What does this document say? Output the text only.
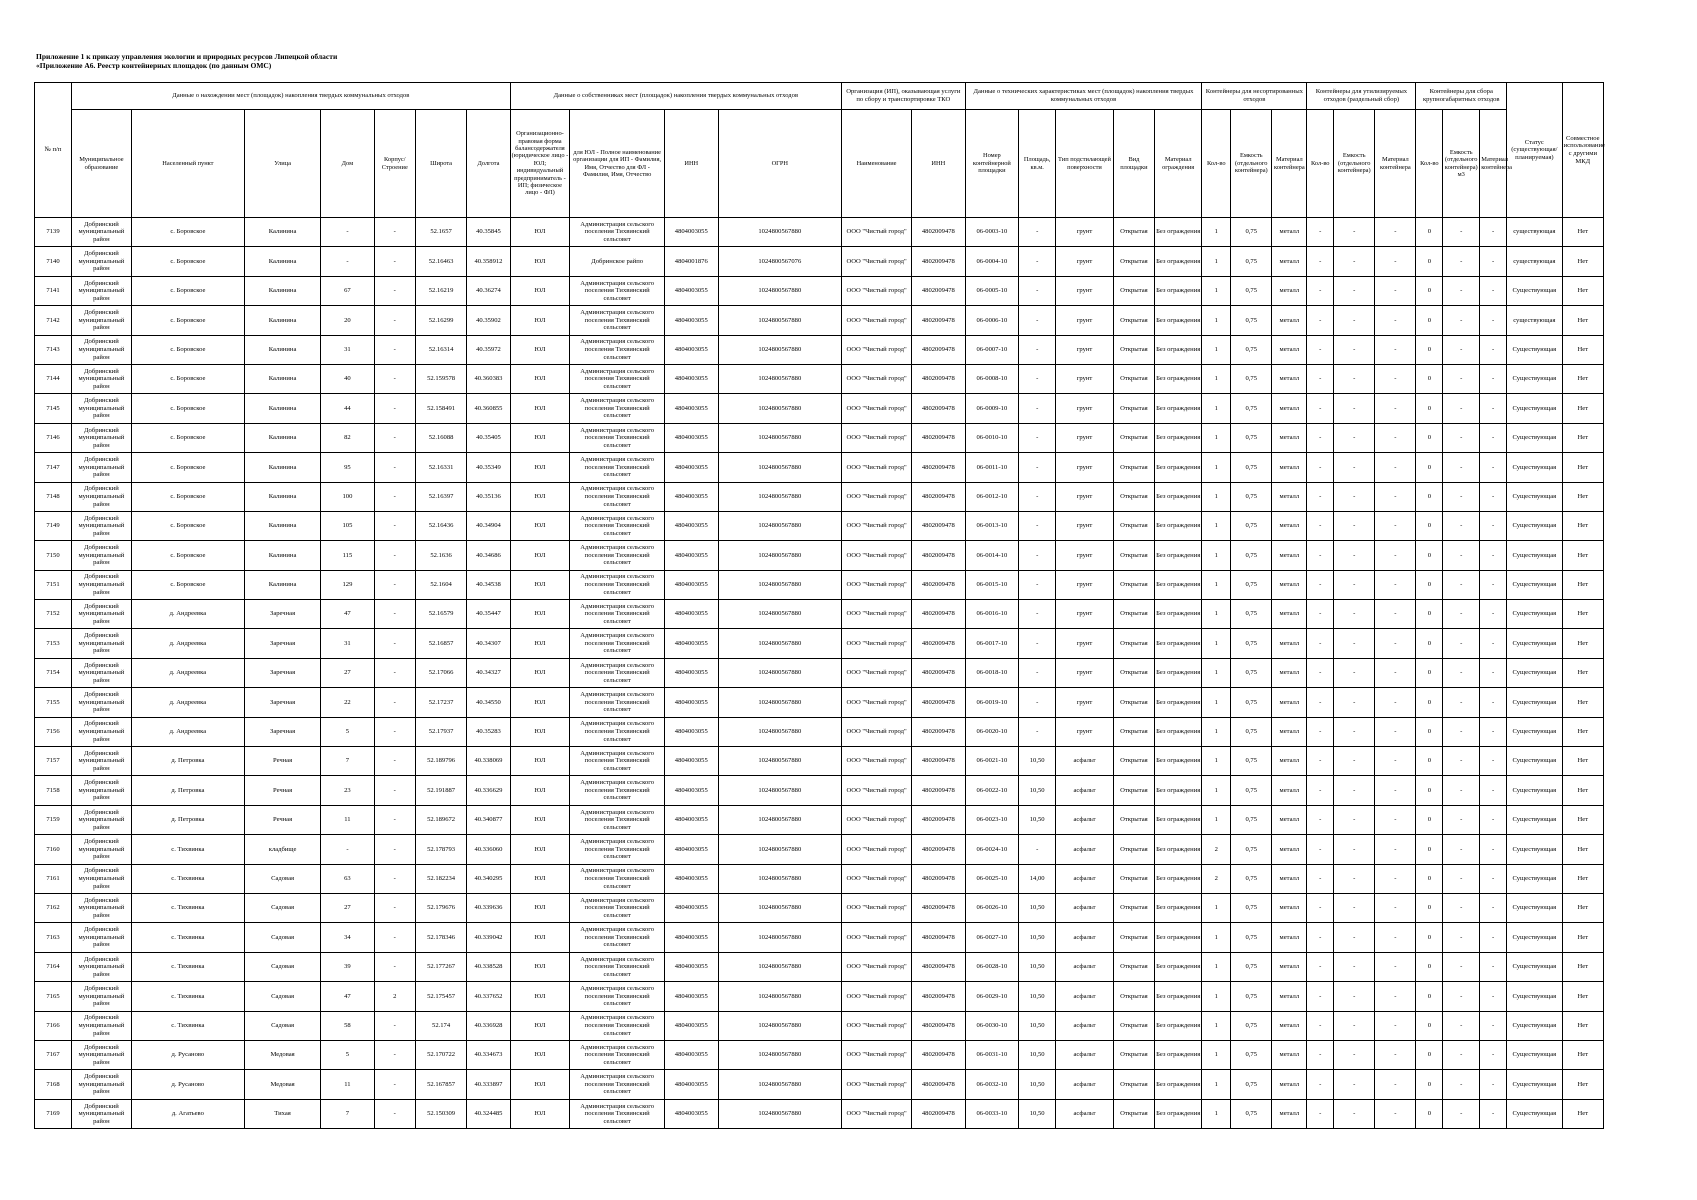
Приложение 1 к приказу управления экологии и природных ресурсов Липецкой области
«Приложение А6. Реестр контейнерных площадок (по данным ОМС)
№ п/п	Данные о нахождении мест (площадок) накопления твердых коммунальных отходов							Данные о собственниках мест (площадок) накопления твердых коммунальных отходов				Организация (ИП), оказывающая услуги по сбору и транспортировке ТКО		Данные о технических характеристиках мест (площадок) накопления твердых коммунальных отходов					Контейнеры для несортированных отходов			Контейнеры для утилизируемых отходов (раздельный сбор)			Контейнеры для сбора крупногабаритных отходов			Статус (существующая/планируемая)	Совместное использование с другими МКД
	Муниципальное образование	Населенный пункт	Улица	Дом	Корпус/Строение	Широта	Долгота	Организационно-правовая форма балансодержателя (юридическое лицо - ЮЛ; индивидуальный предприниматель - ИП; физическое лицо - ФЛ)	для ЮЛ - Полное наименование организации для ИП - Фамилия, Имя, Отчество для ФЛ - Фамилия, Имя, Отчество	ИНН	ОГРН	Наименование	ИНН	Номер контейнерной площадки	Площадь, кв.м.	Тип подстилающей поверхности	Вид площадки	Материал ограждения	Кол-во	Емкость (отдельного контейнера)	Материал контейнера	Кол-во	Емкость (отдельного контейнера)	Материал контейнера	Кол-во	Емкость (отдельного контейнера) м3	Материал контейнера		
7139	Добринский муниципальный район	с. Боровское	Калинина	-	-	52.1657	40.35845	ЮЛ	Администрация сельского поселения Тихвинский сельсовет	4804003055	1024800567880	ООО "Чистый город"	4802009478	06-0003-10	-	грунт	Открытая	Без ограждения	1	0,75	металл	-	-	-	0	-	-	существующая	Нет
7140	Добринский муниципальный район	с. Боровское	Калинина	-	-	52.16463	40.358912	ЮЛ	Добринское райпо	4804001876	1024800567076	ООО "Чистый город"	4802009478	06-0004-10	-	грунт	Открытая	Без ограждения	1	0,75	металл	-	-	-	0	-	-	существующая	Нет
7141	Добринский муниципальный район	с. Боровское	Калинина	67	-	52.16219	40.36274	ЮЛ	Администрация сельского поселения Тихвинский сельсовет	4804003055	1024800567880	ООО "Чистый город"	4802009478	06-0005-10	-	грунт	Открытая	Без ограждения	1	0,75	металл	-	-	-	0	-	-	Существующая	Нет
7142	Добринский муниципальный район	с. Боровское	Калинина	20	-	52.16299	40.35902	ЮЛ	Администрация сельского поселения Тихвинский сельсовет	4804003055	1024800567880	ООО "Чистый город"	4802009478	06-0006-10	-	грунт	Открытая	Без ограждения	1	0,75	металл	-	-	-	0	-	-	существующая	Нет
7143	Добринский муниципальный район	с. Боровское	Калинина	31	-	52.16314	40.35972	ЮЛ	Администрация сельского поселения Тихвинский сельсовет	4804003055	1024800567880	ООО "Чистый город"	4802009478	06-0007-10	-	грунт	Открытая	Без ограждения	1	0,75	металл	-	-	-	0	-	-	Существующая	Нет
7144	Добринский муниципальный район	с. Боровское	Калинина	40	-	52.159578	40.360383	ЮЛ	Администрация сельского поселения Тихвинский сельсовет	4804003055	1024800567880	ООО "Чистый город"	4802009478	06-0008-10	-	грунт	Открытая	Без ограждения	1	0,75	металл	-	-	-	0	-	-	Существующая	Нет
7145	Добринский муниципальный район	с. Боровское	Калинина	44	-	52.158491	40.360855	ЮЛ	Администрация сельского поселения Тихвинский сельсовет	4804003055	1024800567880	ООО "Чистый город"	4802009478	06-0009-10	-	грунт	Открытая	Без ограждения	1	0,75	металл	-	-	-	0	-	-	Существующая	Нет
7146	Добринский муниципальный район	с. Боровское	Калинина	82	-	52.16088	40.35405	ЮЛ	Администрация сельского поселения Тихвинский сельсовет	4804003055	1024800567880	ООО "Чистый город"	4802009478	06-0010-10	-	грунт	Открытая	Без ограждения	1	0,75	металл	-	-	-	0	-	-	Существующая	Нет
7147	Добринский муниципальный район	с. Боровское	Калинина	95	-	52.16331	40.35349	ЮЛ	Администрация сельского поселения Тихвинский сельсовет	4804003055	1024800567880	ООО "Чистый город"	4802009478	06-0011-10	-	грунт	Открытая	Без ограждения	1	0,75	металл	-	-	-	0	-	-	Существующая	Нет
7148	Добринский муниципальный район	с. Боровское	Калинина	100	-	52.16397	40.35136	ЮЛ	Администрация сельского поселения Тихвинский сельсовет	4804003055	1024800567880	ООО "Чистый город"	4802009478	06-0012-10	-	грунт	Открытая	Без ограждения	1	0,75	металл	-	-	-	0	-	-	Существующая	Нет
7149	Добринский муниципальный район	с. Боровское	Калинина	105	-	52.16436	40.34904	ЮЛ	Администрация сельского поселения Тихвинский сельсовет	4804003055	1024800567880	ООО "Чистый город"	4802009478	06-0013-10	-	грунт	Открытая	Без ограждения	1	0,75	металл	-	-	-	0	-	-	Существующая	Нет
7150	Добринский муниципальный район	с. Боровское	Калинина	115	-	52.1636	40.34686	ЮЛ	Администрация сельского поселения Тихвинский сельсовет	4804003055	1024800567880	ООО "Чистый город"	4802009478	06-0014-10	-	грунт	Открытая	Без ограждения	1	0,75	металл	-	-	-	0	-	-	Существующая	Нет
7151	Добринский муниципальный район	с. Боровское	Калинина	129	-	52.1604	40.34538	ЮЛ	Администрация сельского поселения Тихвинский сельсовет	4804003055	1024800567880	ООО "Чистый город"	4802009478	06-0015-10	-	грунт	Открытая	Без ограждения	1	0,75	металл	-	-	-	0	-	-	Существующая	Нет
7152	Добринский муниципальный район	д. Андреевка	Заречная	47	-	52.16579	40.35447	ЮЛ	Администрация сельского поселения Тихвинский сельсовет	4804003055	1024800567880	ООО "Чистый город"	4802009478	06-0016-10	-	грунт	Открытая	Без ограждения	1	0,75	металл	-	-	-	0	-	-	Существующая	Нет
7153	Добринский муниципальный район	д. Андреевка	Заречная	31	-	52.16857	40.34307	ЮЛ	Администрация сельского поселения Тихвинский сельсовет	4804003055	1024800567880	ООО "Чистый город"	4802009478	06-0017-10	-	грунт	Открытая	Без ограждения	1	0,75	металл	-	-	-	0	-	-	Существующая	Нет
7154	Добринский муниципальный район	д. Андреевка	Заречная	27	-	52.17066	40.34327	ЮЛ	Администрация сельского поселения Тихвинский сельсовет	4804003055	1024800567880	ООО "Чистый город"	4802009478	06-0018-10	-	грунт	Открытая	Без ограждения	1	0,75	металл	-	-	-	0	-	-	Существующая	Нет
7155	Добринский муниципальный район	д. Андреевка	Заречная	22	-	52.17237	40.34550	ЮЛ	Администрация сельского поселения Тихвинский сельсовет	4804003055	1024800567880	ООО "Чистый город"	4802009478	06-0019-10	-	грунт	Открытая	Без ограждения	1	0,75	металл	-	-	-	0	-	-	Существующая	Нет
7156	Добринский муниципальный район	д. Андреевка	Заречная	5	-	52.17937	40.35283	ЮЛ	Администрация сельского поселения Тихвинский сельсовет	4804003055	1024800567880	ООО "Чистый город"	4802009478	06-0020-10	-	грунт	Открытая	Без ограждения	1	0,75	металл	-	-	-	0	-	-	Существующая	Нет
7157	Добринский муниципальный район	д. Петровка	Речная	7	-	52.189796	40.338069	ЮЛ	Администрация сельского поселения Тихвинский сельсовет	4804003055	1024800567880	ООО "Чистый город"	4802009478	06-0021-10	10,50	асфальт	Открытая	Без ограждения	1	0,75	металл	-	-	-	0	-	-	Существующая	Нет
7158	Добринский муниципальный район	д. Петровка	Речная	23	-	52.191887	40.336629	ЮЛ	Администрация сельского поселения Тихвинский сельсовет	4804003055	1024800567880	ООО "Чистый город"	4802009478	06-0022-10	10,50	асфальт	Открытая	Без ограждения	1	0,75	металл	-	-	-	0	-	-	Существующая	Нет
7159	Добринский муниципальный район	д. Петровка	Речная	11	-	52.189672	40.340877	ЮЛ	Администрация сельского поселения Тихвинский сельсовет	4804003055	1024800567880	ООО "Чистый город"	4802009478	06-0023-10	10,50	асфальт	Открытая	Без ограждения	1	0,75	металл	-	-	-	0	-	-	Существующая	Нет
7160	Добринский муниципальный район	с. Тихвинка	кладбище	-	-	52.178793	40.336060	ЮЛ	Администрация сельского поселения Тихвинский сельсовет	4804003055	1024800567880	ООО "Чистый город"	4802009478	06-0024-10	-	асфальт	Открытая	Без ограждения	2	0,75	металл	-	-	-	0	-	-	Существующая	Нет
7161	Добринский муниципальный район	с. Тихвинка	Садовая	63	-	52.182234	40.340295	ЮЛ	Администрация сельского поселения Тихвинский сельсовет	4804003055	1024800567880	ООО "Чистый город"	4802009478	06-0025-10	14,00	асфальт	Открытая	Без ограждения	2	0,75	металл	-	-	-	0	-	-	Существующая	Нет
7162	Добринский муниципальный район	с. Тихвинка	Садовая	27	-	52.179676	40.339636	ЮЛ	Администрация сельского поселения Тихвинский сельсовет	4804003055	1024800567880	ООО "Чистый город"	4802009478	06-0026-10	10,50	асфальт	Открытая	Без ограждения	1	0,75	металл	-	-	-	0	-	-	Существующая	Нет
7163	Добринский муниципальный район	с. Тихвинка	Садовая	34	-	52.178346	40.339042	ЮЛ	Администрация сельского поселения Тихвинский сельсовет	4804003055	1024800567880	ООО "Чистый город"	4802009478	06-0027-10	10,50	асфальт	Открытая	Без ограждения	1	0,75	металл	-	-	-	0	-	-	Существующая	Нет
7164	Добринский муниципальный район	с. Тихвинка	Садовая	39	-	52.177267	40.338528	ЮЛ	Администрация сельского поселения Тихвинский сельсовет	4804003055	1024800567880	ООО "Чистый город"	4802009478	06-0028-10	10,50	асфальт	Открытая	Без ограждения	1	0,75	металл	-	-	-	0	-	-	Существующая	Нет
7165	Добринский муниципальный район	с. Тихвинка	Садовая	47	2	52.175457	40.337652	ЮЛ	Администрация сельского поселения Тихвинский сельсовет	4804003055	1024800567880	ООО "Чистый город"	4802009478	06-0029-10	10,50	асфальт	Открытая	Без ограждения	1	0,75	металл	-	-	-	0	-	-	Существующая	Нет
7166	Добринский муниципальный район	с. Тихвинка	Садовая	58	-	52.174	40.336928	ЮЛ	Администрация сельского поселения Тихвинский сельсовет	4804003055	1024800567880	ООО "Чистый город"	4802009478	06-0030-10	10,50	асфальт	Открытая	Без ограждения	1	0,75	металл	-	-	-	0	-	-	Существующая	Нет
7167	Добринский муниципальный район	д. Русаново	Медовая	5	-	52.170722	40.334673	ЮЛ	Администрация сельского поселения Тихвинский сельсовет	4804003055	1024800567880	ООО "Чистый город"	4802009478	06-0031-10	10,50	асфальт	Открытая	Без ограждения	1	0,75	металл	-	-	-	0	-	-	Существующая	Нет
7168	Добринский муниципальный район	д. Русаново	Медовая	11	-	52.167857	40.333897	ЮЛ	Администрация сельского поселения Тихвинский сельсовет	4804003055	1024800567880	ООО "Чистый город"	4802009478	06-0032-10	10,50	асфальт	Открытая	Без ограждения	1	0,75	металл	-	-	-	0	-	-	Существующая	Нет
7169	Добринский муниципальный район	д. Агатьево	Тихая	7	-	52.150309	40.324485	ЮЛ	Администрация сельского поселения Тихвинский сельсовет	4804003055	1024800567880	ООО "Чистый город"	4802009478	06-0033-10	10,50	асфальт	Открытая	Без ограждения	1	0,75	металл	-	-	-	0	-	-	Существующая	Нет
